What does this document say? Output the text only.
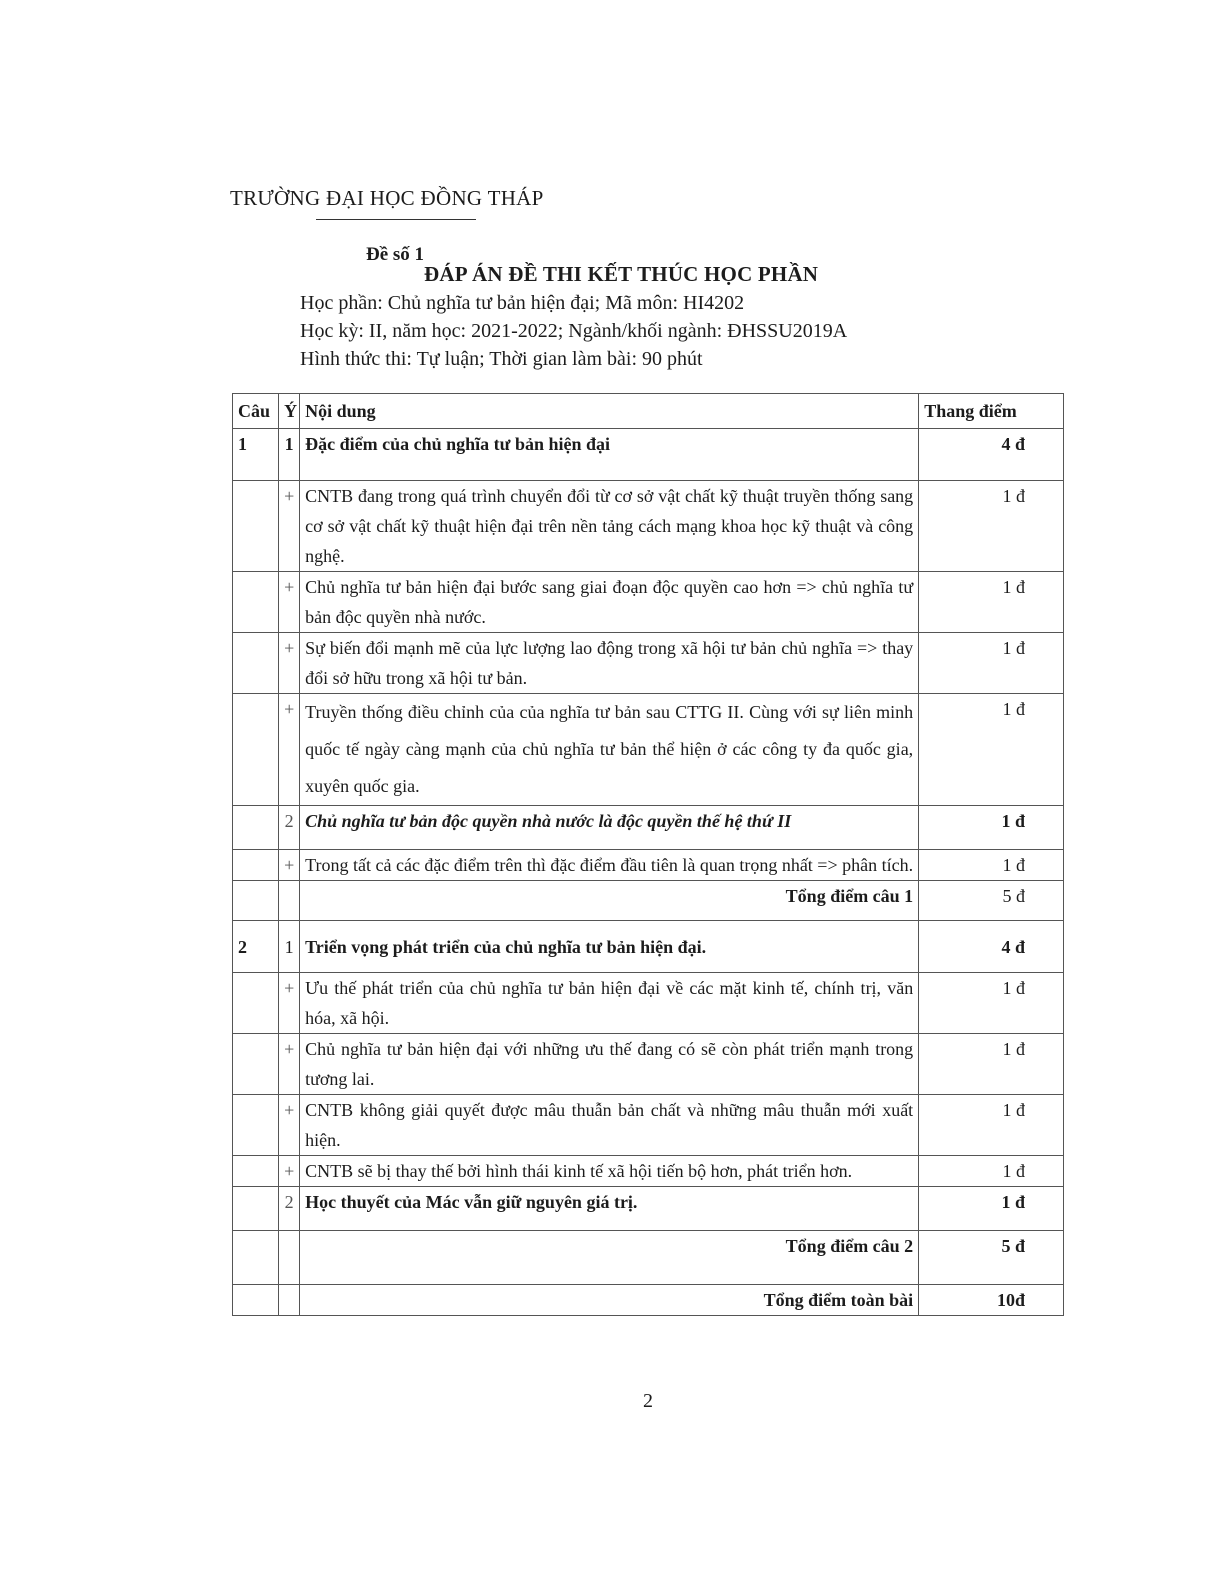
TRƯỜNG ĐẠI HỌC ĐỒNG THÁP
Đề số 1
ĐÁP ÁN ĐỀ THI KẾT THÚC HỌC PHẦN
Học phần: Chủ nghĩa tư bản hiện đại; Mã môn: HI4202
Học kỳ: II, năm học: 2021-2022; Ngành/khối ngành: ĐHSSU2019A
Hình thức thi: Tự luận; Thời gian làm bài: 90 phút
Câu	Ý	Nội dung	Thang điểm
1	1	Đặc điểm của chủ nghĩa tư bản hiện đại	4 đ
	+	CNTB đang trong quá trình chuyển đổi từ cơ sở vật chất kỹ thuật truyền thống sang cơ sở vật chất kỹ thuật hiện đại trên nền tảng cách mạng khoa học kỹ thuật và công nghệ.	1 đ
	+	Chủ nghĩa tư bản hiện đại bước sang giai đoạn độc quyền cao hơn => chủ nghĩa tư bản độc quyền nhà nước.	1 đ
	+	Sự biến đổi mạnh mẽ của lực lượng lao động trong xã hội tư bản chủ nghĩa => thay đổi sở hữu trong xã hội tư bản.	1 đ
	+	Truyền thống điều chỉnh của của nghĩa tư bản sau CTTG II. Cùng với sự liên minh quốc tế ngày càng mạnh của chủ nghĩa tư bản thể hiện ở các công ty đa quốc gia, xuyên quốc gia.	1 đ
	2	Chủ nghĩa tư bản độc quyền nhà nước là độc quyền thế hệ thứ II	1 đ
	+	Trong tất cả các đặc điểm trên thì đặc điểm đầu tiên là quan trọng nhất => phân tích.	1 đ
		Tổng điểm câu 1	5 đ
2	1	Triển vọng phát triển của chủ nghĩa tư bản hiện đại.	4 đ
	+	Ưu thế phát triển của chủ nghĩa tư bản hiện đại về các mặt kinh tế, chính trị, văn hóa, xã hội.	1 đ
	+	Chủ nghĩa tư bản hiện đại với những ưu thế đang có sẽ còn phát triển mạnh trong tương lai.	1 đ
	+	CNTB không giải quyết được mâu thuẫn bản chất và những mâu thuẫn mới xuất hiện.	1 đ
	+	CNTB sẽ bị thay thế bởi hình thái kinh tế xã hội tiến bộ hơn, phát triển hơn.	1 đ
	2	Học thuyết của Mác vẫn giữ nguyên giá trị.	1 đ
		Tổng điểm câu 2	5 đ
		Tổng điểm toàn bài	10đ
2
